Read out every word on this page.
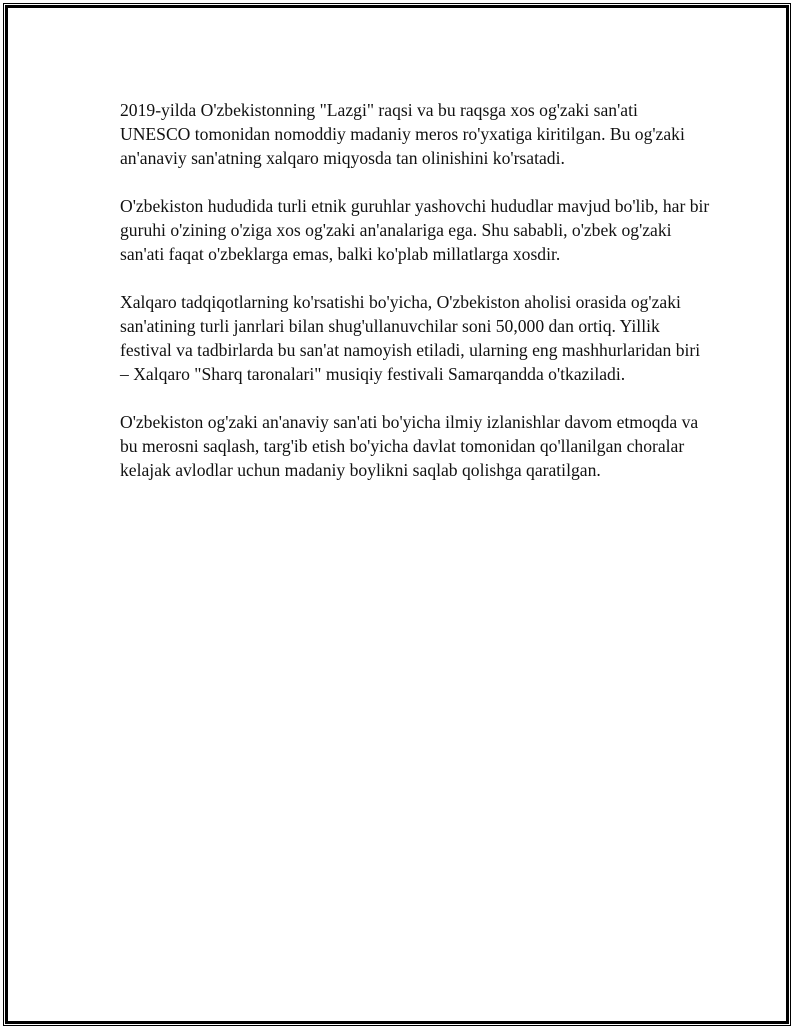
2019-yilda O'zbekistonning "Lazgi" raqsi va bu raqsga xos og'zaki san'ati UNESCO tomonidan nomoddiy madaniy meros ro'yxatiga kiritilgan. Bu og'zaki an'anaviy san'atning xalqaro miqyosda tan olinishini ko'rsatadi.

O'zbekiston hududida turli etnik guruhlar yashovchi hududlar mavjud bo'lib, har bir guruhi o'zining o'ziga xos og'zaki an'analariga ega. Shu sababli, o'zbek og'zaki san'ati faqat o'zbeklarga emas, balki ko'plab millatlarga xosdir.

Xalqaro tadqiqotlarning ko'rsatishi bo'yicha, O'zbekiston aholisi orasida og'zaki san'atining turli janrlari bilan shug'ullanuvchilar soni 50,000 dan ortiq. Yillik festival va tadbirlarda bu san'at namoyish etiladi, ularning eng mashhurlaridan biri – Xalqaro "Sharq taronalari" musiqiy festivali Samarqandda o'tkaziladi.

O'zbekiston og'zaki an'anaviy san'ati bo'yicha ilmiy izlanishlar davom etmoqda va bu merosni saqlash, targ'ib etish bo'yicha davlat tomonidan qo'llanilgan choralar kelajak avlodlar uchun madaniy boylikni saqlab qolishga qaratilgan.
